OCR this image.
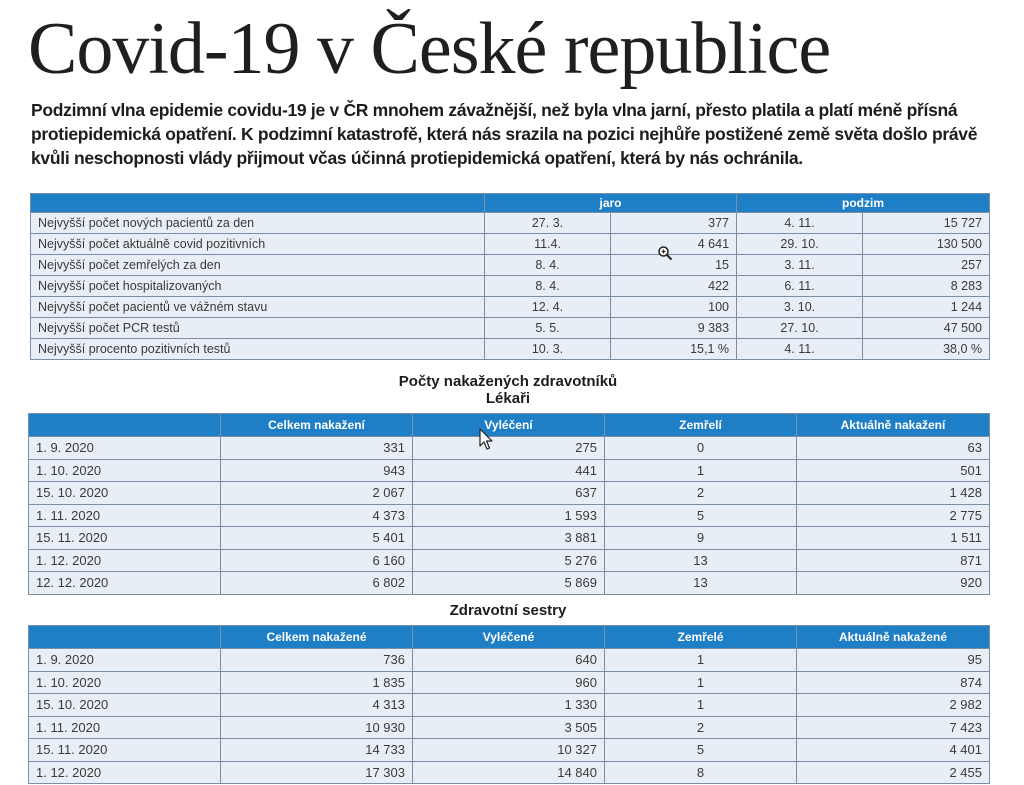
Covid-19 v České republice
Podzimní vlna epidemie covidu-19 je v ČR mnohem závažnější, než byla vlna jarní, přesto platila a platí méně přísná protiepidemická opatření. K podzimní katastrofě, která nás srazila na pozici nejhůře postižené země světa došlo právě kvůli neschopnosti vlády přijmout včas účinná protiepidemická opatření, která by nás ochránila.
	jaro		podzim	
Nejvyšší počet nových pacientů za den	27. 3.	377	4. 11.	15 727
Nejvyšší počet aktuálně covid pozitivních	11.4.	4 641	29. 10.	130 500
Nejvyšší počet zemřelých za den	8. 4.	15	3. 11.	257
Nejvyšší počet hospitalizovaných	8. 4.	422	6. 11.	8 283
Nejvyšší počet pacientů ve vážném stavu	12. 4.	100	3. 10.	1 244
Nejvyšší počet PCR testů	5. 5.	9 383	27. 10.	47 500
Nejvyšší procento pozitivních testů	10. 3.	15,1 %	4. 11.	38,0 %
Počty nakažených zdravotníků
Lékaři
	Celkem nakažení	Vyléčení	Zemřelí	Aktuálně nakažení
1. 9. 2020	331	275	0	63
1. 10. 2020	943	441	1	501
15. 10. 2020	2 067	637	2	1 428
1. 11. 2020	4 373	1 593	5	2 775
15. 11. 2020	5 401	3 881	9	1 511
1. 12. 2020	6 160	5 276	13	871
12. 12. 2020	6 802	5 869	13	920
Zdravotní sestry
	Celkem nakažené	Vyléčené	Zemřelé	Aktuálně nakažené
1. 9. 2020	736	640	1	95
1. 10. 2020	1 835	960	1	874
15. 10. 2020	4 313	1 330	1	2 982
1. 11. 2020	10 930	3 505	2	7 423
15. 11. 2020	14 733	10 327	5	4 401
1. 12. 2020	17 303	14 840	8	2 455
